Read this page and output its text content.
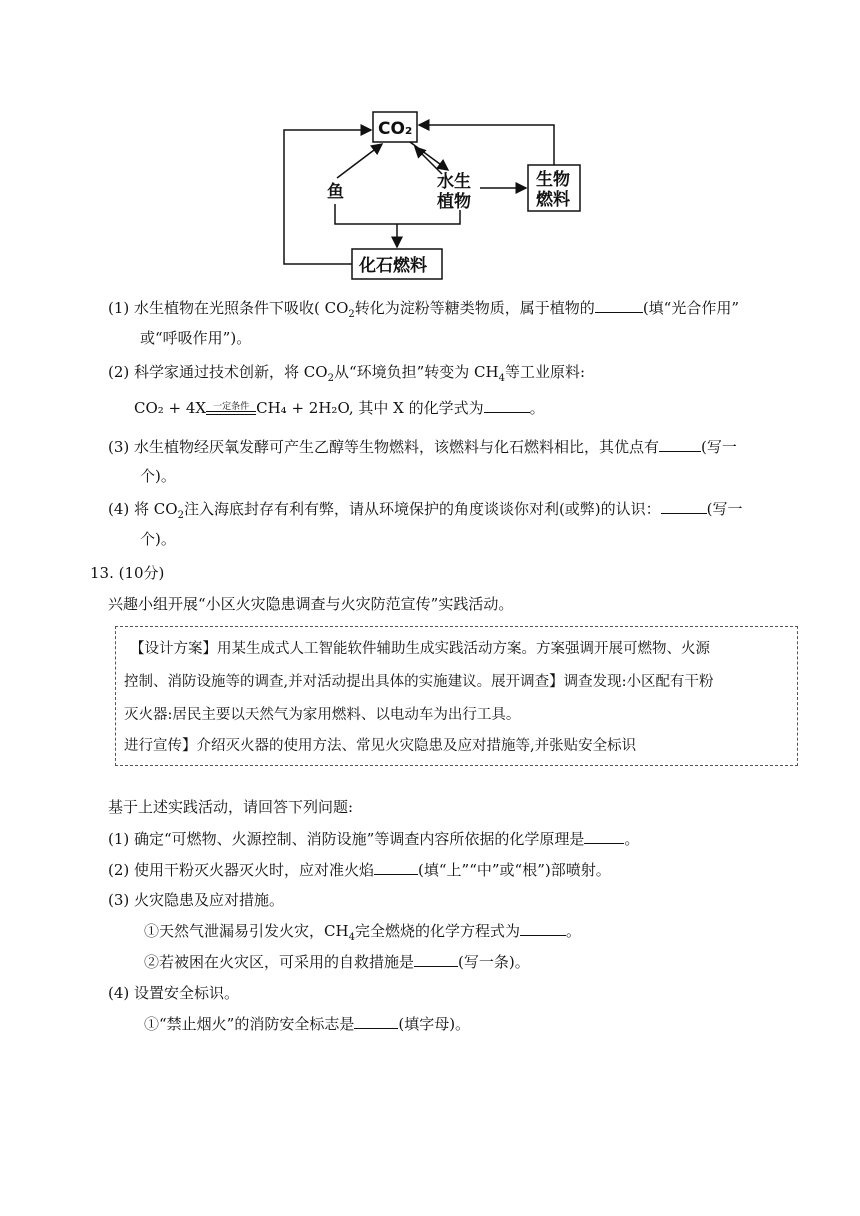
CO₂
生物
燃料
化石燃料
鱼	水生
植物
(1) 水生植物在光照条件下吸收( $CO_2$转化为淀粉等糖类物质，属于植物的	(填“光合作用”
或“呼吸作用”)。
(2) 科学家通过技术创新，将 $CO_2$从“环境负担”转变为 $CH_4$等工业原料:
CO₂ + 4X 一定条件 CH₄ + 2H₂O, 其中 X 的化学式为	。
(3) 水生植物经厌氧发酵可产生乙醇等生物燃料，该燃料与化石燃料相比，其优点有	(写一
个)。
(4) 将 $CO_2$注入海底封存有利有弊，请从环境保护的角度谈谈你对利(或弊)的认识：	(写一
个)。
13. (10分)
兴趣小组开展“小区火灾隐患调查与火灾防范宣传”实践活动。
【设计方案】用某生成式人工智能软件辅助生成实践活动方案。方案强调开展可燃物、火源
控制、消防设施等的调查,并对活动提出具体的实施建议。展开调查】调查发现:小区配有干粉
灭火器:居民主要以天然气为家用燃料、以电动车为出行工具。
进行宣传】介绍灭火器的使用方法、常见火灾隐患及应对措施等,并张贴安全标识
基于上述实践活动，请回答下列问题:
(1) 确定“可燃物、火源控制、消防设施”等调查内容所依据的化学原理是	。
(2) 使用干粉灭火器灭火时，应对准火焰	(填“上”“中”或“根”)部喷射。
(3) 火灾隐患及应对措施。
①天然气泄漏易引发火灾，$CH_4$完全燃烧的化学方程式为	。
②若被困在火灾区，可采用的自救措施是	(写一条)。
(4) 设置安全标识。
①“禁止烟火”的消防安全标志是	(填字母)。
